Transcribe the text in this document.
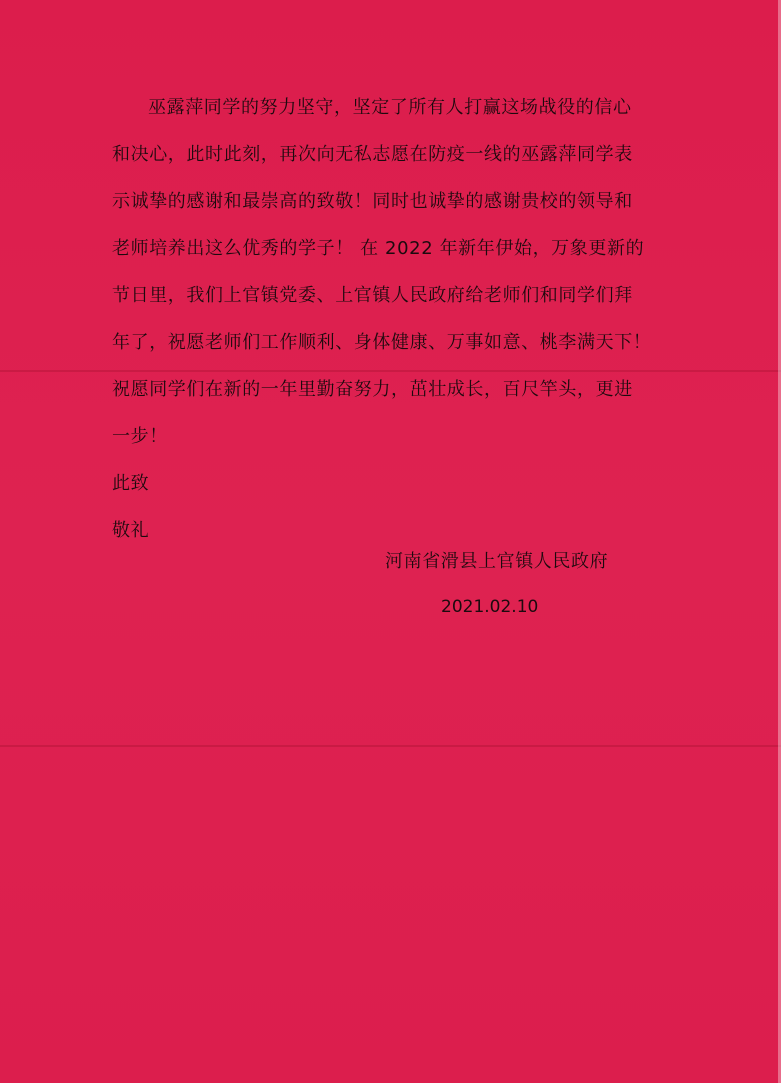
巫露萍同学的努力坚守，坚定了所有人打赢这场战役的信心
和决心，此时此刻，再次向无私志愿在防疫一线的巫露萍同学表
示诚挚的感谢和最崇高的致敬！同时也诚挚的感谢贵校的领导和
老师培养出这么优秀的学子！ 在 2022 年新年伊始，万象更新的
节日里，我们上官镇党委、上官镇人民政府给老师们和同学们拜
年了，祝愿老师们工作顺利、身体健康、万事如意、桃李满天下！
祝愿同学们在新的一年里勤奋努力，茁壮成长，百尺竿头，更进
一步！
此致
敬礼
河南省滑县上官镇人民政府
2021.02.10
